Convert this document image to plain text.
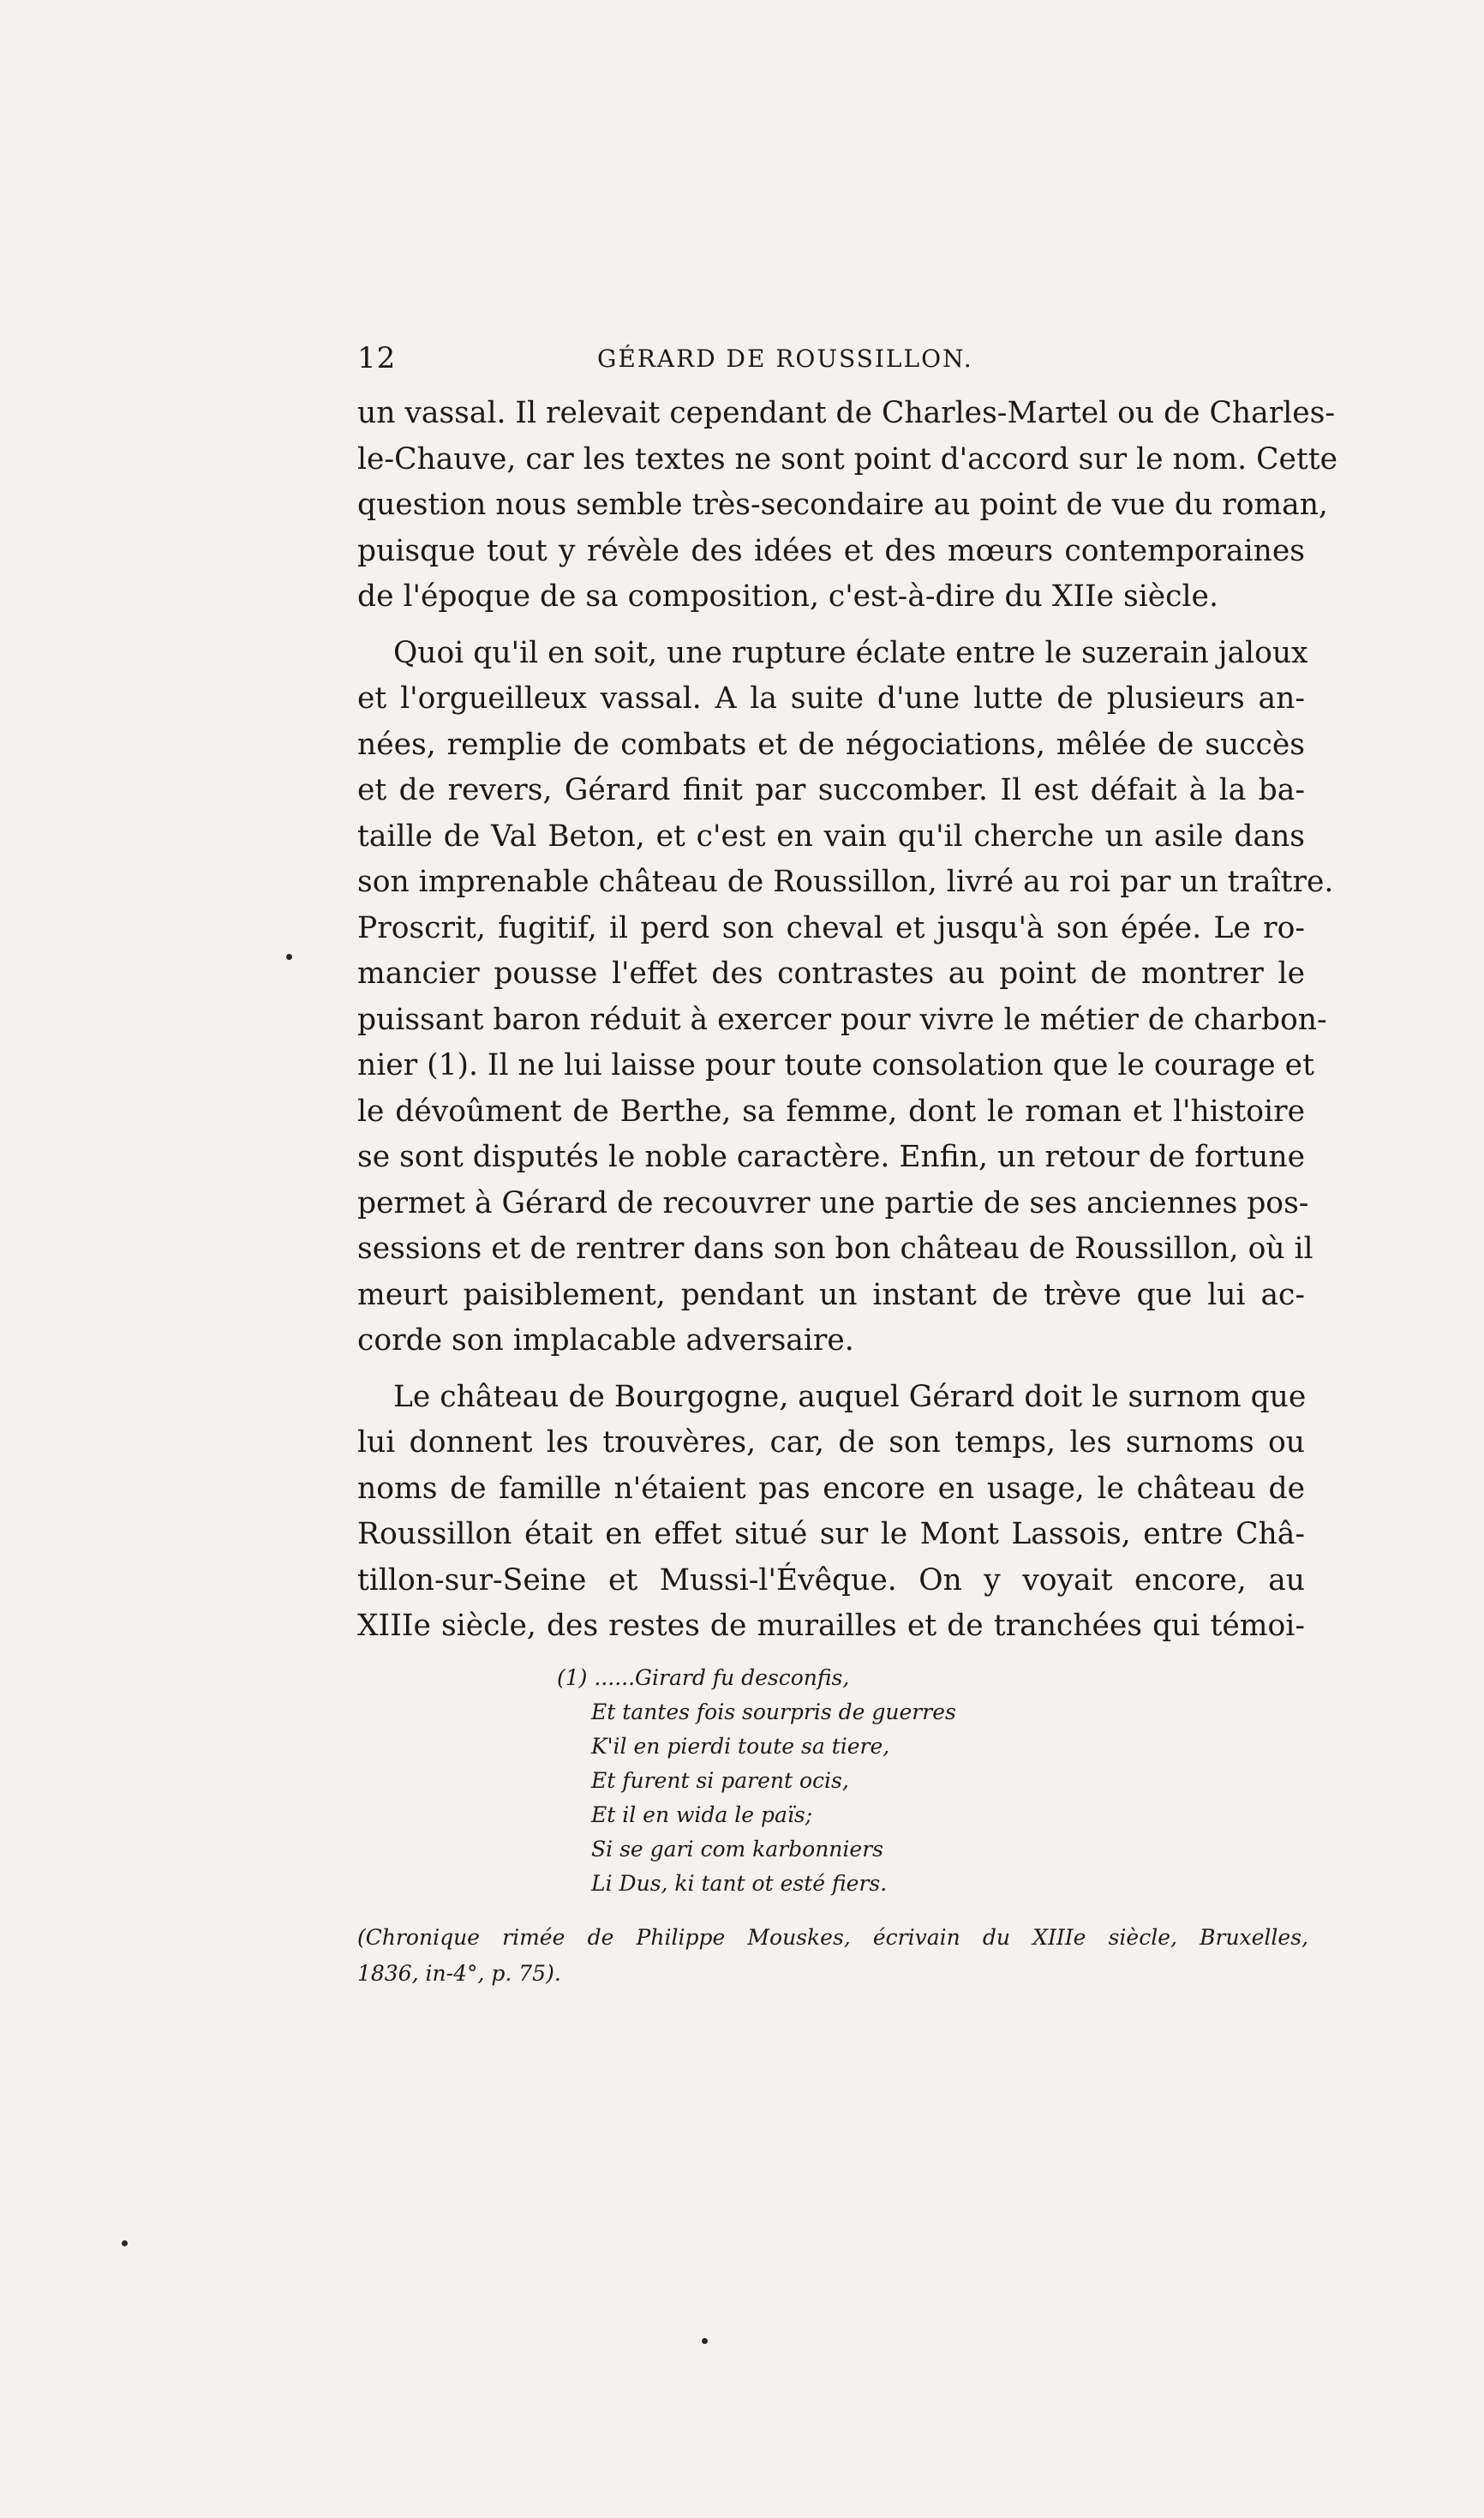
12	GÉRARD DE ROUSSILLON.
un vassal. Il relevait cependant de Charles-Martel ou de Charles-
le-Chauve, car les textes ne sont point d'accord sur le nom. Cette
question nous semble très-secondaire au point de vue du roman,
puisque tout y révèle des idées et des mœurs contemporaines
de l'époque de sa composition, c'est-à-dire du XIIe siècle.
Quoi qu'il en soit, une rupture éclate entre le suzerain jaloux
et l'orgueilleux vassal. A la suite d'une lutte de plusieurs an-
nées, remplie de combats et de négociations, mêlée de succès
et de revers, Gérard finit par succomber. Il est défait à la ba-
taille de Val Beton, et c'est en vain qu'il cherche un asile dans
son imprenable château de Roussillon, livré au roi par un traître.
Proscrit, fugitif, il perd son cheval et jusqu'à son épée. Le ro-
mancier pousse l'effet des contrastes au point de montrer le
puissant baron réduit à exercer pour vivre le métier de charbon-
nier (1). Il ne lui laisse pour toute consolation que le courage et
le dévoûment de Berthe, sa femme, dont le roman et l'histoire
se sont disputés le noble caractère. Enfin, un retour de fortune
permet à Gérard de recouvrer une partie de ses anciennes pos-
sessions et de rentrer dans son bon château de Roussillon, où il
meurt paisiblement, pendant un instant de trève que lui ac-
corde son implacable adversaire.
Le château de Bourgogne, auquel Gérard doit le surnom que
lui donnent les trouvères, car, de son temps, les surnoms ou
noms de famille n'étaient pas encore en usage, le château de
Roussillon était en effet situé sur le Mont Lassois, entre Châ-
tillon-sur-Seine et Mussi-l'Évêque. On y voyait encore, au
XIIIe siècle, des restes de murailles et de tranchées qui témoi-
(1) ......Girard fu desconfis,
Et tantes fois sourpris de guerres
K'il en pierdi toute sa tiere,
Et furent si parent ocis,
Et il en wida le païs;
Si se gari com karbonniers
Li Dus, ki tant ot esté fiers.
(Chronique rimée de Philippe Mouskes, écrivain du XIIIe siècle, Bruxelles,
1836, in-4°, p. 75).
